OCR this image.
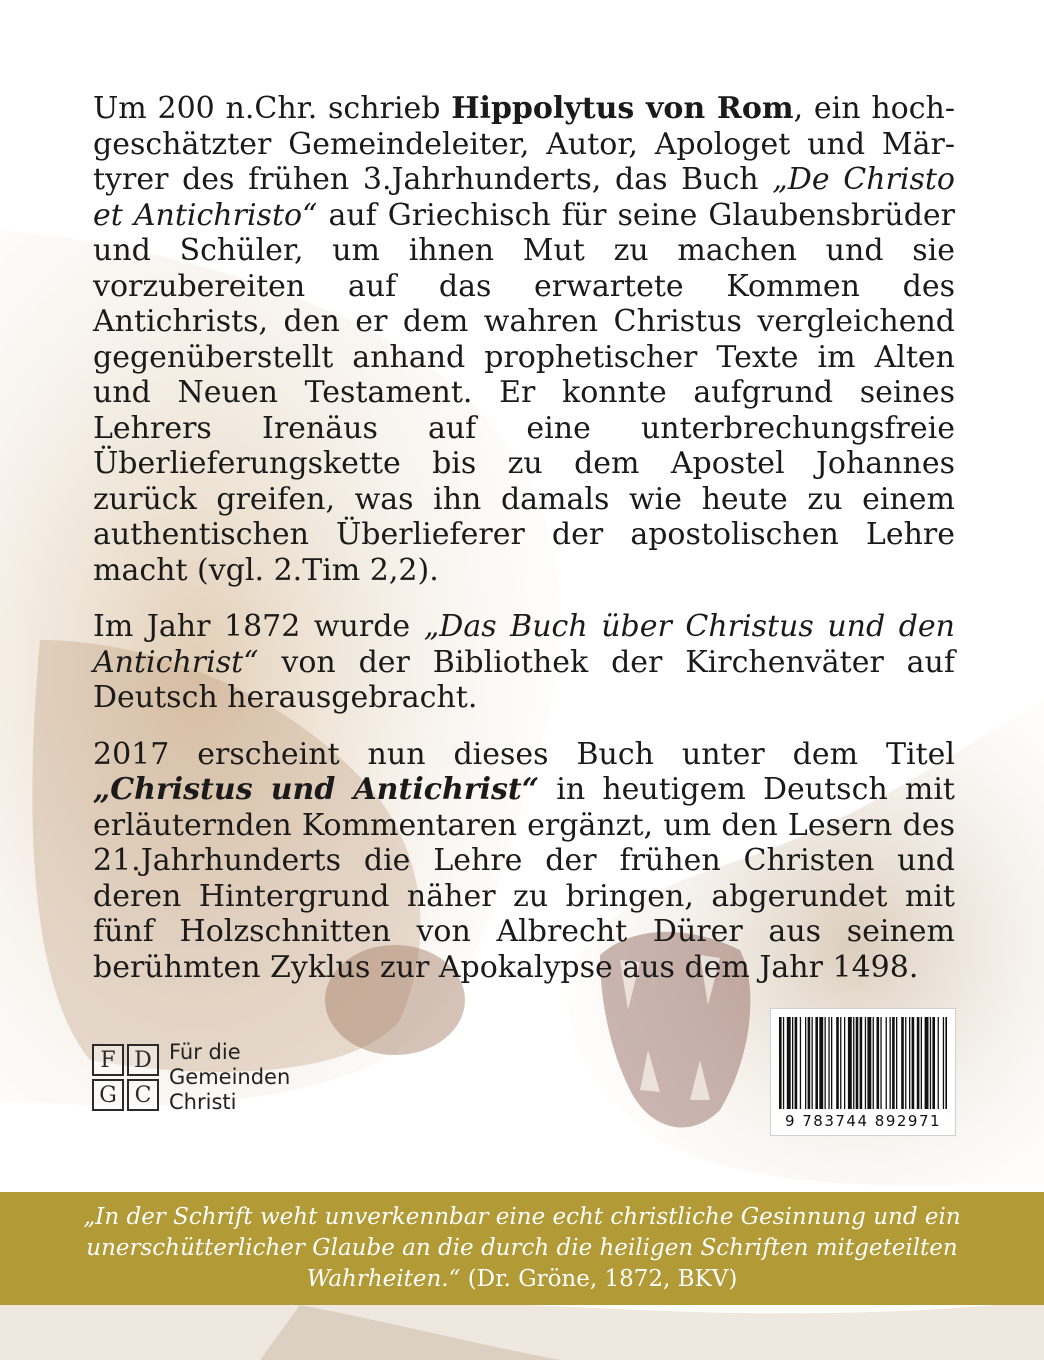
Um 200 n.Chr. schrieb Hippolytus von Rom, ein hochgeschätzter Gemeindeleiter, Autor, Apologet und Märtyrer des frühen 3.Jahrhunderts, das Buch „De Christo et Antichristo“ auf Griechisch für seine Glaubensbrüder und Schüler, um ihnen Mut zu machen und sie vorzubereiten auf das erwartete Kommen des Antichrists, den er dem wahren Christus vergleichend gegenüberstellt anhand prophetischer Texte im Alten und Neuen Testament. Er konnte aufgrund seines Lehrers Irenäus auf eine unterbrechungsfreie Überlieferungskette bis zu dem Apostel Johannes zurück greifen, was ihn damals wie heute zu einem authentischen Überlieferer der apostolischen Lehre macht (vgl. 2.Tim 2,2).

Im Jahr 1872 wurde „Das Buch über Christus und den Antichrist“ von der Bibliothek der Kirchenväter auf Deutsch herausgebracht.

2017 erscheint nun dieses Buch unter dem Titel „Christus und Antichrist“ in heutigem Deutsch mit erläuternden Kommentaren ergänzt, um den Lesern des 21.Jahrhunderts die Lehre der frühen Christen und deren Hintergrund näher zu bringen, abgerundet mit fünf Holzschnitten von Albrecht Dürer aus seinem berühmten Zyklus zur Apokalypse aus dem Jahr 1498.

F D
G C
Für die
Gemeinden
Christi
9 783744 892971
„In der Schrift weht unverkennbar eine echt christliche Gesinnung und ein unerschütterlicher Glaube an die durch die heiligen Schriften mitgeteilten Wahrheiten.“ (Dr. Gröne, 1872, BKV)
